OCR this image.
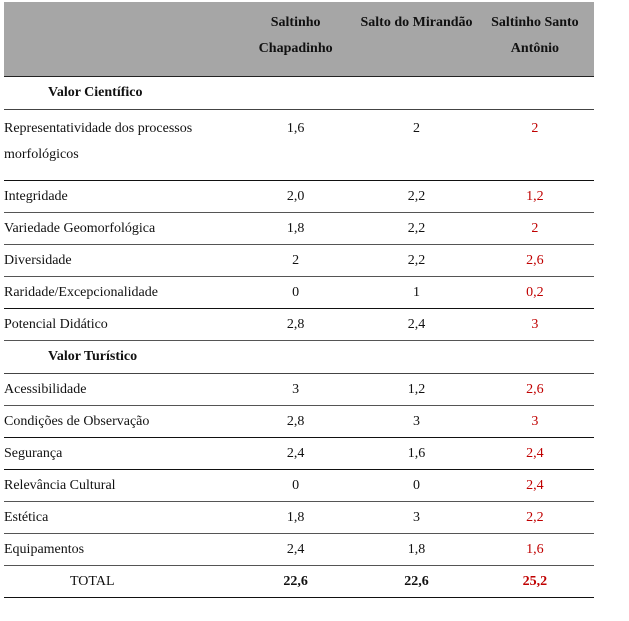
	Saltinho Chapadinho	Salto do Mirandão	Saltinho Santo Antônio
Valor Científico			
Representatividade dos processos morfológicos	1,6	2	2
Integridade	2,0	2,2	1,2
Variedade Geomorfológica	1,8	2,2	2
Diversidade	2	2,2	2,6
Raridade/Excepcionalidade	0	1	0,2
Potencial Didático	2,8	2,4	3
Valor Turístico			
Acessibilidade	3	1,2	2,6
Condições de Observação	2,8	3	3
Segurança	2,4	1,6	2,4
Relevância Cultural	0	0	2,4
Estética	1,8	3	2,2
Equipamentos	2,4	1,8	1,6
TOTAL	22,6	22,6	25,2
